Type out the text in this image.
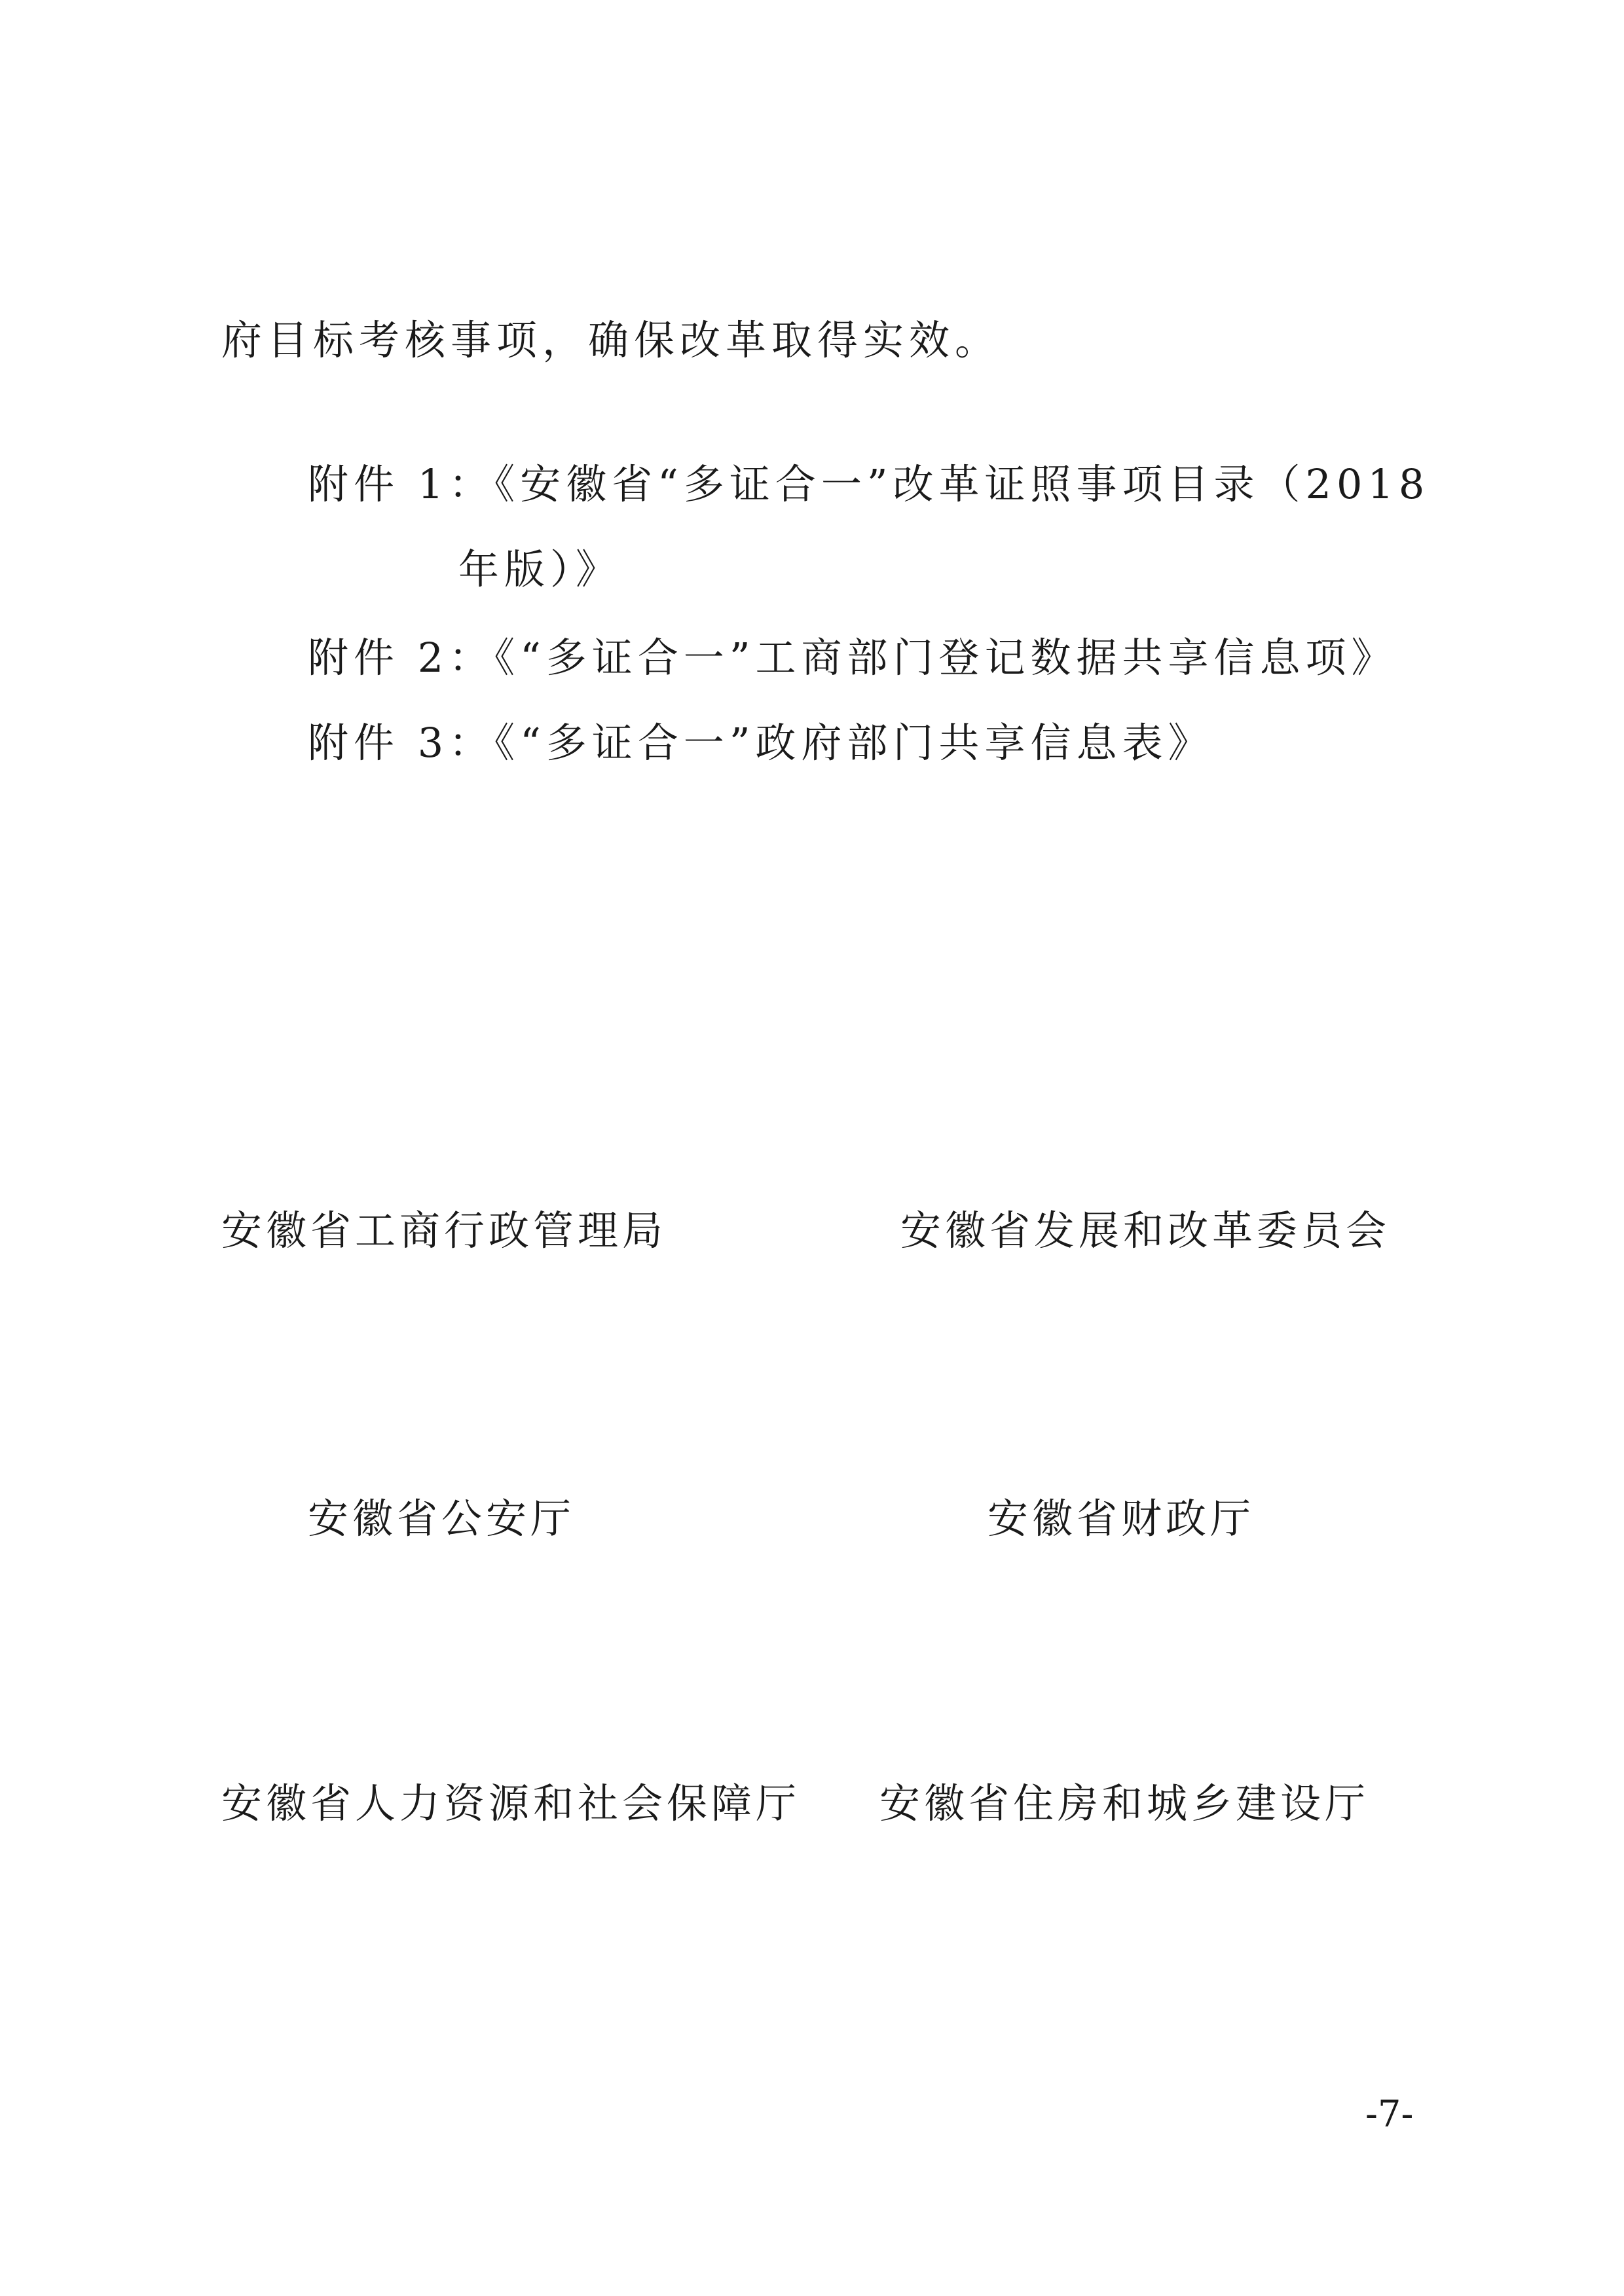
府目标考核事项，确保改革取得实效。
附件 1：《安徽省“多证合一”改革证照事项目录（2018
年版）》
附件 2：《“多证合一”工商部门登记数据共享信息项》
附件 3：《“多证合一”政府部门共享信息表》
安徽省工商行政管理局	安徽省发展和改革委员会
安徽省公安厅	安徽省财政厅
安徽省人力资源和社会保障厅 安徽省住房和城乡建设厅
-7-
